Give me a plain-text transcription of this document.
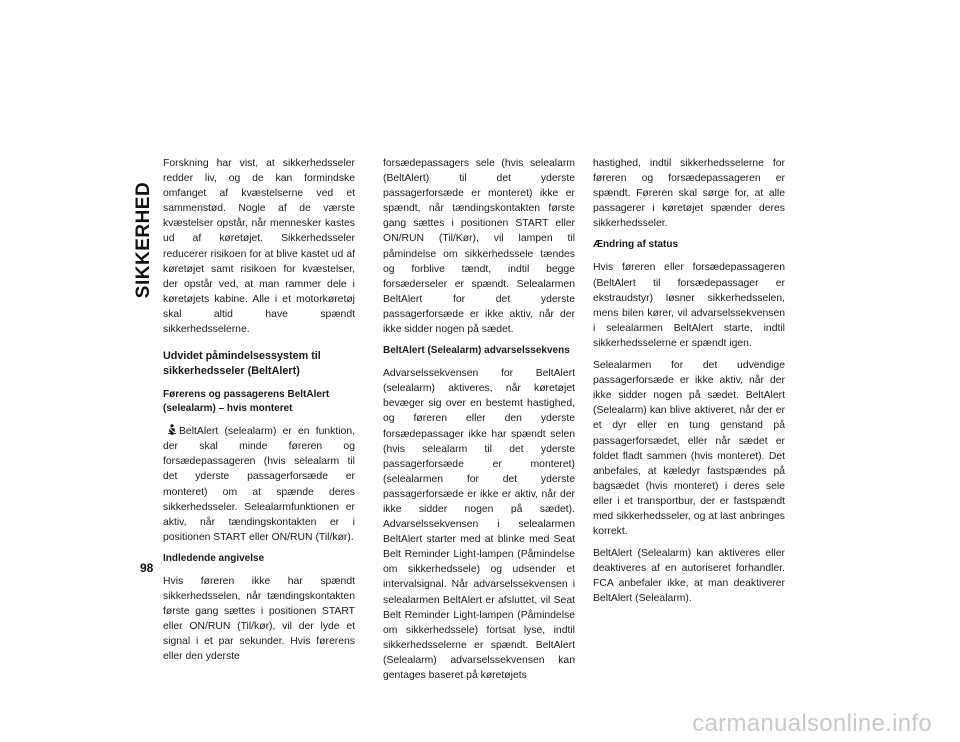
SIKKERHED
98

Forskning har vist, at sikkerhedsseler redder liv, og de kan formindske omfanget af kvæstelserne ved et sammenstød. Nogle af de værste kvæstelser opstår, når mennesker kastes ud af køretøjet. Sikkerhedsseler reducerer risikoen for at blive kastet ud af køretøjet samt risikoen for kvæstelser, der opstår ved, at man rammer dele i køretøjets kabine. Alle i et motorkøretøj skal altid have spændt sikkerhedsselerne.

Udvidet påmindelsessystem til sikkerhedsseler (BeltAlert)
Førerens og passagerens BeltAlert (selealarm) – hvis monteret

BeltAlert (selealarm) er en funktion, der skal minde føreren og forsædepassageren (hvis selealarm til det yderste passagerforsæde er monteret) om at spænde deres sikkerhedsseler. Selealarmfunktionen er aktiv, når tændingskontakten er i positionen START eller ON/RUN (Til/kør).

Indledende angivelse

Hvis føreren ikke har spændt sikkerhedsselen, når tændingskontakten første gang sættes i positionen START eller ON/RUN (Til/kør), vil der lyde et signal i et par sekunder. Hvis førerens eller den yderste

forsædepassagers sele (hvis selealarm (BeltAlert) til det yderste passagerforsæde er monteret) ikke er spændt, når tændingskontakten første gang sættes i positionen START eller ON/RUN (Til/Kør), vil lampen til påmindelse om sikkerhedssele tændes og forblive tændt, indtil begge forsæderseler er spændt. Selealarmen BeltAlert for det yderste passagerforsæde er ikke aktiv, når der ikke sidder nogen på sædet.

BeltAlert (Selealarm) advarselssekvens

Advarselssekvensen for BeltAlert (selealarm) aktiveres, når køretøjet bevæger sig over en bestemt hastighed, og føreren eller den yderste forsædepassager ikke har spændt selen (hvis selealarm til det yderste passagerforsæde er monteret) (selealarmen for det yderste passagerforsæde er ikke er aktiv, når der ikke sidder nogen på sædet). Advarselssekvensen i selealarmen BeltAlert starter med at blinke med Seat Belt Reminder Light-lampen (Påmindelse om sikkerhedssele) og udsender et intervalsignal. Når advarselssekvensen i selealarmen BeltAlert er afsluttet, vil Seat Belt Reminder Light-lampen (Påmindelse om sikkerhedssele) fortsat lyse, indtil sikkerhedsselerne er spændt. BeltAlert (Selealarm) advarselssekvensen kan gentages baseret på køretøjets

hastighed, indtil sikkerhedsselerne for føreren og forsædepassageren er spændt. Føreren skal sørge for, at alle passagerer i køretøjet spænder deres sikkerhedsseler.

Ændring af status

Hvis føreren eller forsædepassageren (BeltAlert til forsædepassager er ekstraudstyr) løsner sikkerhedsselen, mens bilen kører, vil advarselssekvensen i selealarmen BeltAlert starte, indtil sikkerhedsselerne er spændt igen.

Selealarmen for det udvendige passagerforsæde er ikke aktiv, når der ikke sidder nogen på sædet. BeltAlert (Selealarm) kan blive aktiveret, når der er et dyr eller en tung genstand på passagerforsædet, eller når sædet er foldet fladt sammen (hvis monteret). Det anbefales, at kæledyr fastspændes på bagsædet (hvis monteret) i deres sele eller i et transportbur, der er fastspændt med sikkerhedsseler, og at last anbringes korrekt.

BeltAlert (Selealarm) kan aktiveres eller deaktiveres af en autoriseret forhandler. FCA anbefaler ikke, at man deaktiverer BeltAlert (Selealarm).

carmanualsonline.info
